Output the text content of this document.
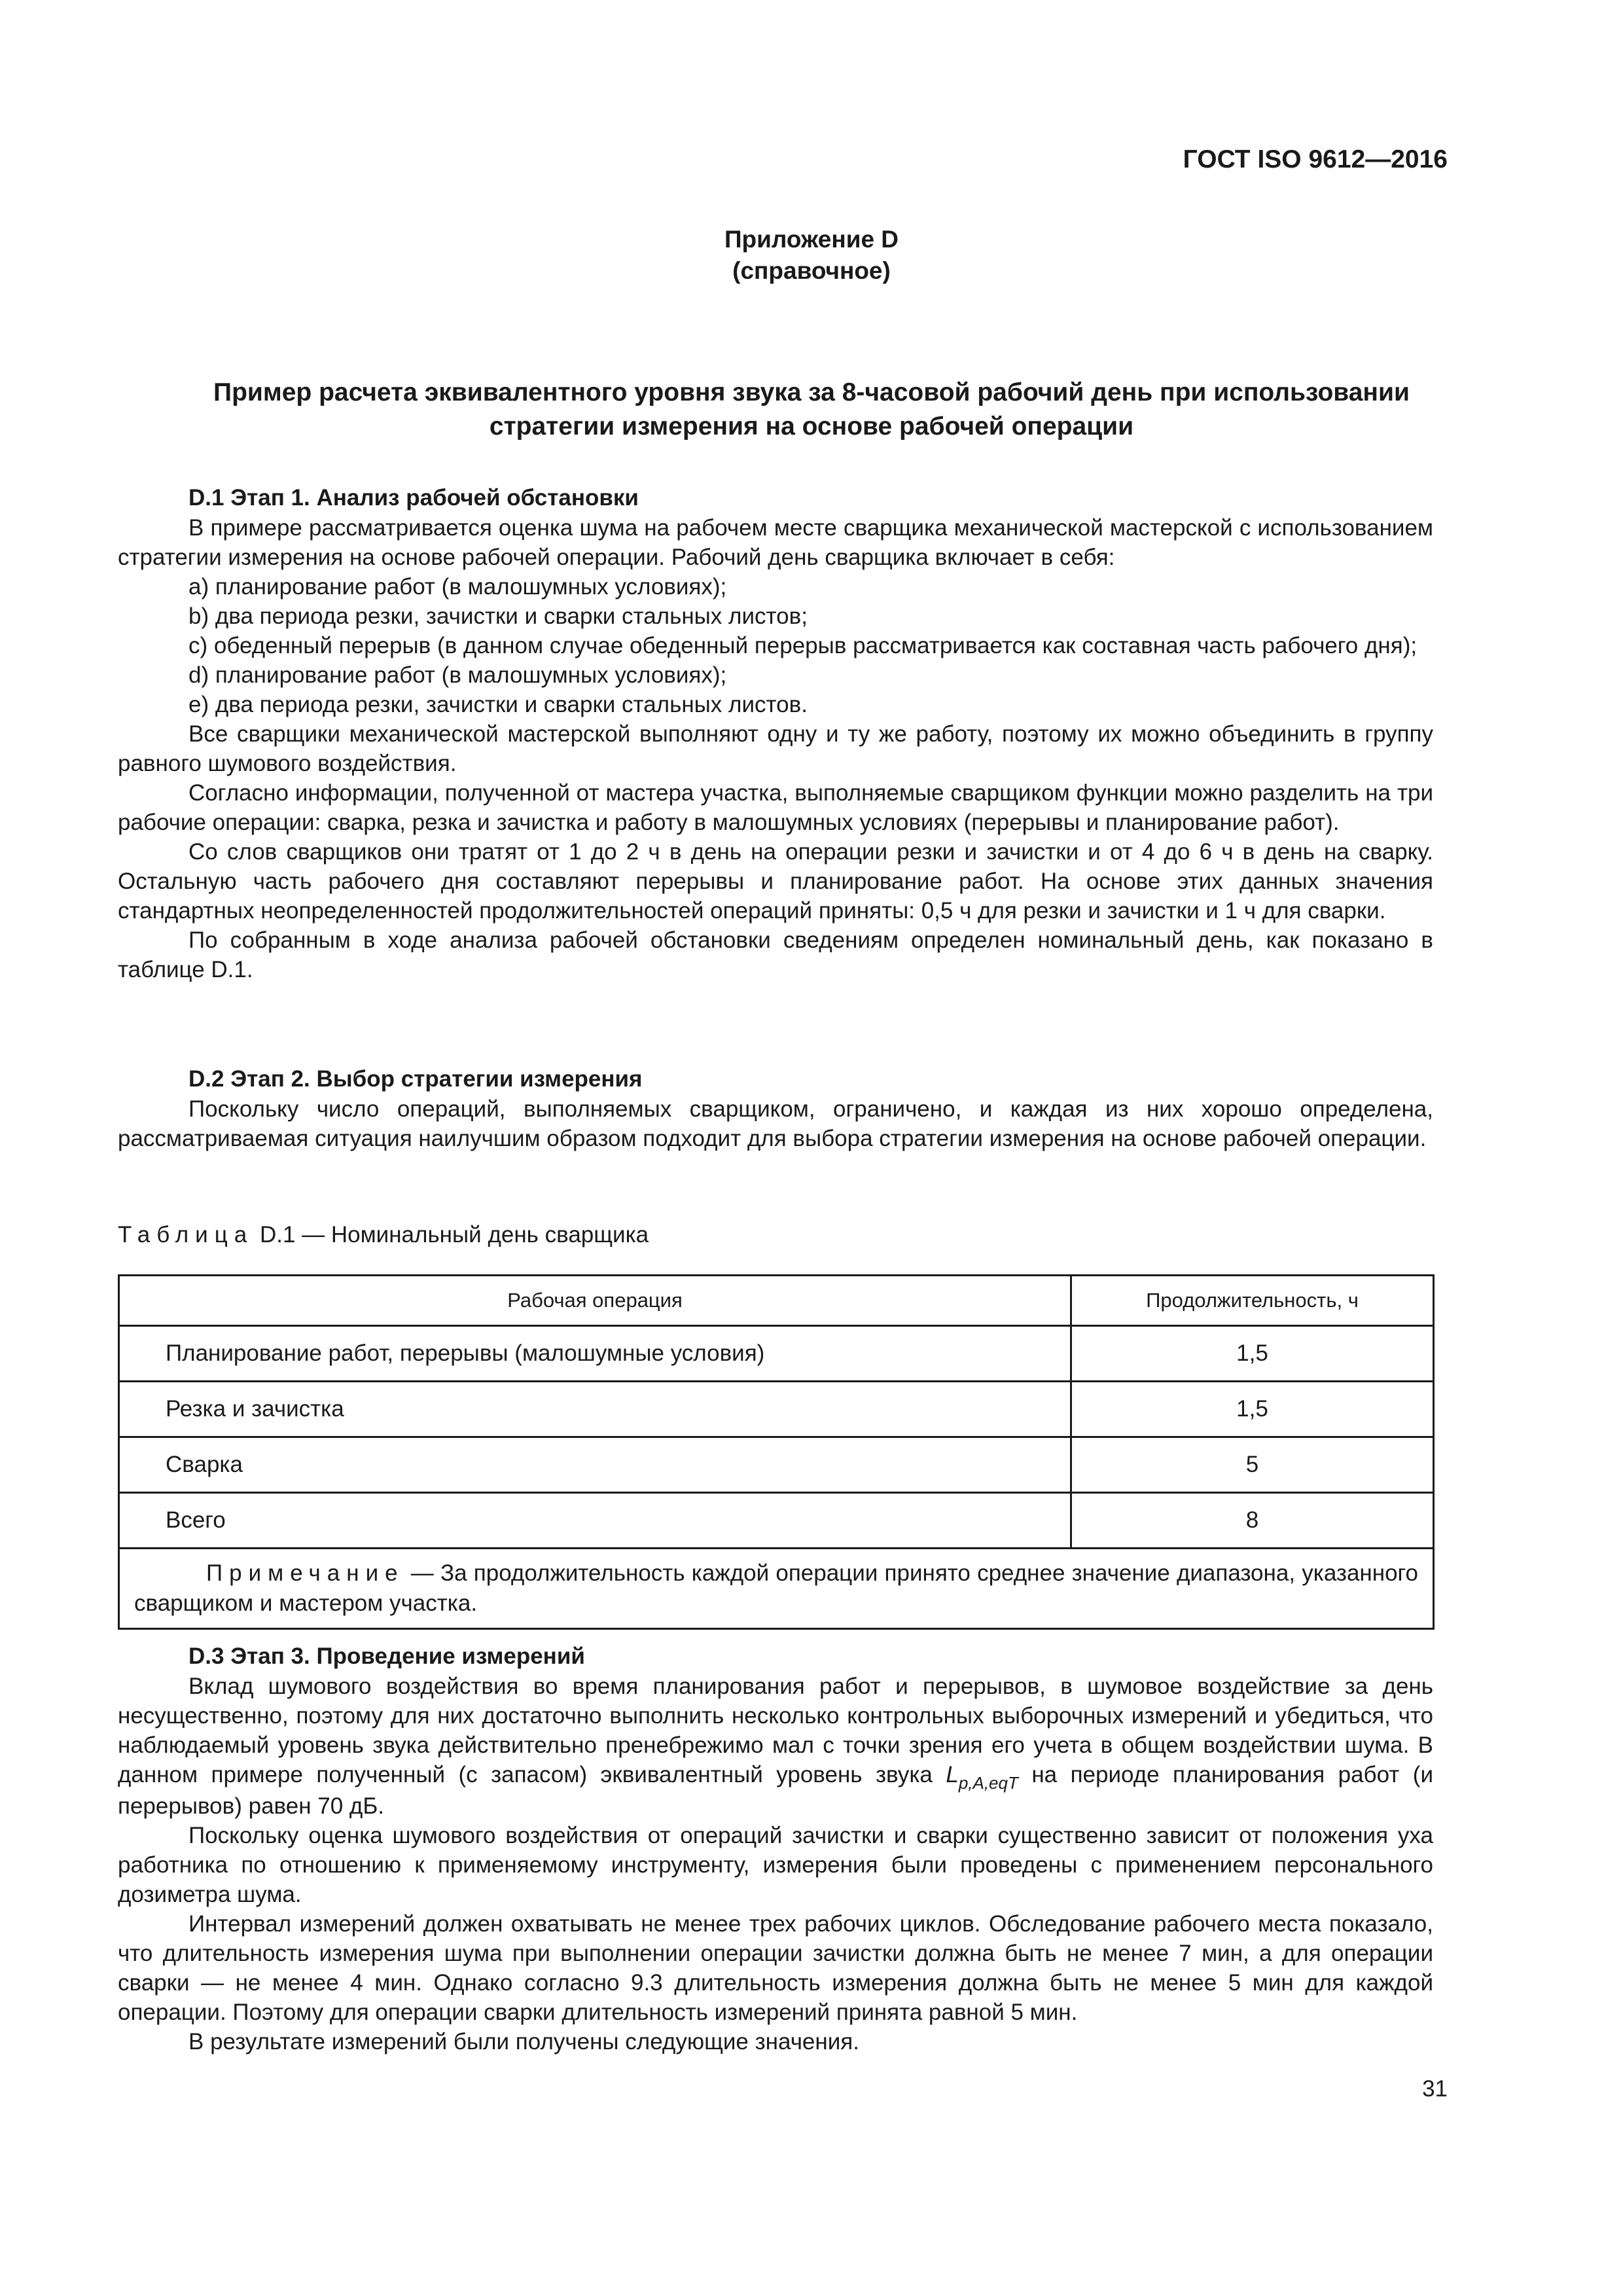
ГОСТ ISO 9612—2016
Приложение D
(справочное)
Пример расчета эквивалентного уровня звука за 8-часовой рабочий день при использовании
стратегии измерения на основе рабочей операции
D.1 Этап 1. Анализ рабочей обстановки

В примере рассматривается оценка шума на рабочем месте сварщика механической мастерской с использованием стратегии измерения на основе рабочей операции. Рабочий день сварщика включает в себя:

a) планирование работ (в малошумных условиях);

b) два периода резки, зачистки и сварки стальных листов;

c) обеденный перерыв (в данном случае обеденный перерыв рассматривается как составная часть рабочего дня);

d) планирование работ (в малошумных условиях);

e) два периода резки, зачистки и сварки стальных листов.

Все сварщики механической мастерской выполняют одну и ту же работу, поэтому их можно объединить в группу равного шумового воздействия.

Согласно информации, полученной от мастера участка, выполняемые сварщиком функции можно разделить на три рабочие операции: сварка, резка и зачистка и работу в малошумных условиях (перерывы и планирование работ).

Со слов сварщиков они тратят от 1 до 2 ч в день на операции резки и зачистки и от 4 до 6 ч в день на сварку. Остальную часть рабочего дня составляют перерывы и планирование работ. На основе этих данных значения стандартных неопределенностей продолжительностей операций приняты: 0,5 ч для резки и зачистки и 1 ч для сварки.

По собранным в ходе анализа рабочей обстановки сведениям определен номинальный день, как показано в таблице D.1.

D.2 Этап 2. Выбор стратегии измерения

Поскольку число операций, выполняемых сварщиком, ограничено, и каждая из них хорошо определена, рассматриваемая ситуация наилучшим образом подходит для выбора стратегии измерения на основе рабочей операции.

Таблица D.1 — Номинальный день сварщика
Рабочая операция	Продолжительность, ч
Планирование работ, перерывы (малошумные условия)	1,5
Резка и зачистка	1,5
Сварка	5
Всего	8
Примечание — За продолжительность каждой операции принято среднее значение диапазона, указанного сварщиком и мастером участка.	
D.3 Этап 3. Проведение измерений

Вклад шумового воздействия во время планирования работ и перерывов, в шумовое воздействие за день несущественно, поэтому для них достаточно выполнить несколько контрольных выборочных измерений и убедиться, что наблюдаемый уровень звука действительно пренебрежимо мал с точки зрения его учета в общем воздействии шума. В данном примере полученный (с запасом) эквивалентный уровень звука $L_{p,A,eqT}$ на периоде планирования работ (и перерывов) равен 70 дБ.

Поскольку оценка шумового воздействия от операций зачистки и сварки существенно зависит от положения уха работника по отношению к применяемому инструменту, измерения были проведены с применением персонального дозиметра шума.

Интервал измерений должен охватывать не менее трех рабочих циклов. Обследование рабочего места показало, что длительность измерения шума при выполнении операции зачистки должна быть не менее 7 мин, а для операции сварки — не менее 4 мин. Однако согласно 9.3 длительность измерения должна быть не менее 5 мин для каждой операции. Поэтому для операции сварки длительность измерений принята равной 5 мин.

В результате измерений были получены следующие значения.

31
